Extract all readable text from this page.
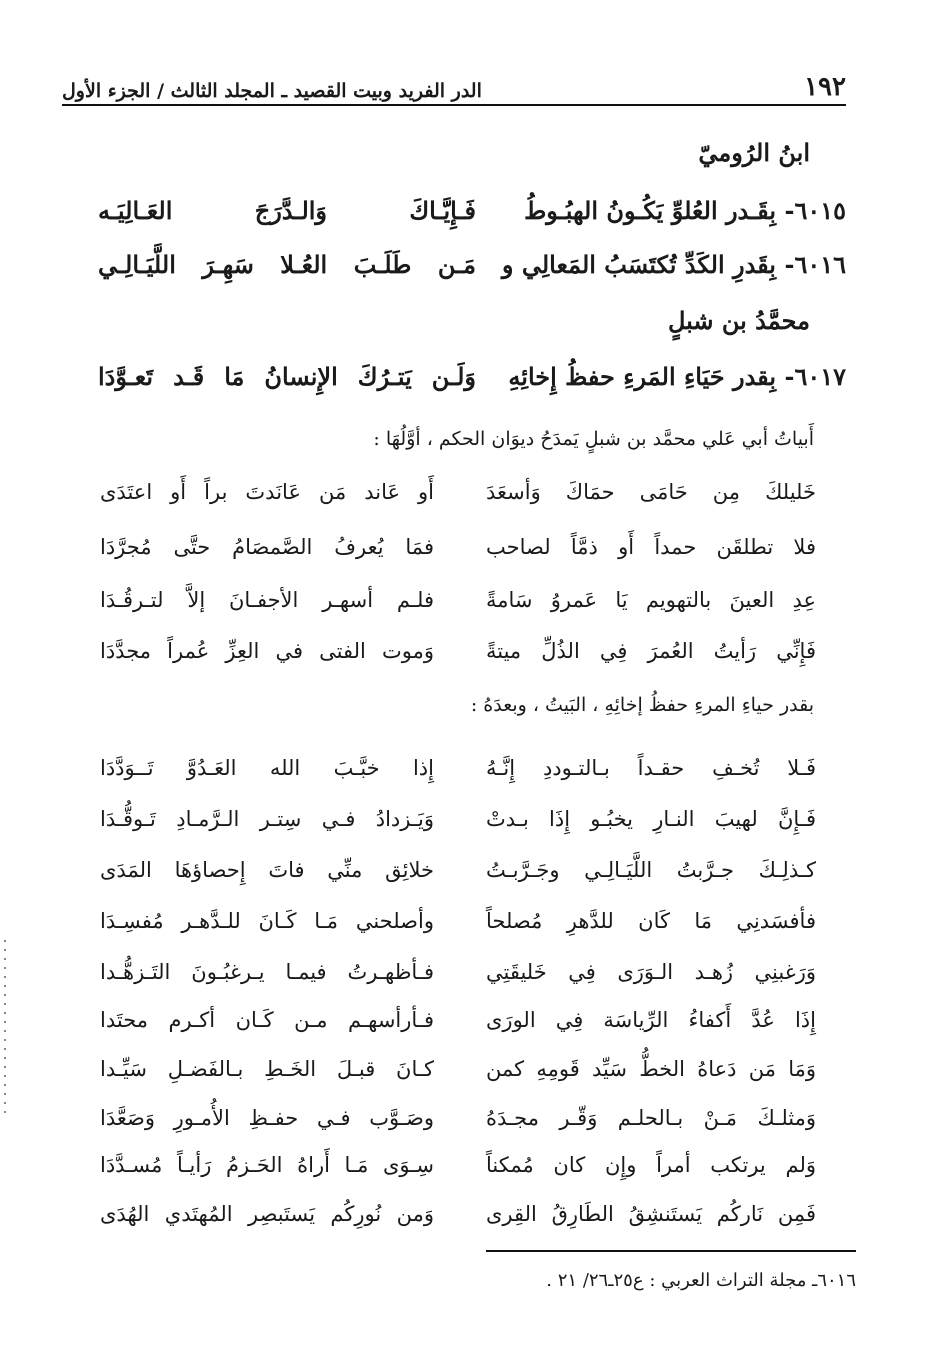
١٩٢
الدر الفريد وبيت القصيد ـ المجلد الثالث / الجزء الأول
ابنُ الرُوميّ
٦٠١٥-
بِقَـدر العُلوِّ يَكُـونُ الهبُـوطُ
فَـإِيَّـاكَ وَالـدَّرَجَ العَـالِيَـه
٦٠١٦-
بِقَدرِ الكَدِّ تُكتَسَبُ المَعالِي و
مَـن طَلَـبَ العُـلا سَهِـرَ اللَّيَـالِـي
محمَّدُ بن شبلٍ
٦٠١٧-
بِقدر حَيَاءِ المَرءِ حفظُ إِخائِهِ
وَلَـن يَتـرُكَ الإِنسانُ مَا قَـد تَعـوَّدَا
أَبياتُ أبي عَلي محمَّد بن شبلٍ يَمدَحُ ديوَان الحكم ، أوَّلُهَا :
خَليلكَ مِن حَامَى حمَاكَ وَأسعَدَ
أَو عَاند مَن عَانَدتَ براً أَو اعتَدَى
فلا تطلقَن حمداً أَو ذمَّاً لصاحب
فمَا يُعرفُ الصَّمصَامُ حتَّى مُجرَّدَا
عِدِ العينَ بالتهويم يَا عَمروُ سَامةً
فلـم أسهـر الأجفـانَ إلاَّ لتـرقُـدَا
فَإِنِّي رَأيتُ العُمرَ فِي الذُلِّ ميتةً
وَموت الفتى في العِزِّ عُمراً مجدَّدَا
بقدر حياءِ المرءِ حفظُ إخائِهِ ، البَيتُ ، وبعدَهُ :
فَـلا تُخـفِ حقـداً بـالتـوددِ إِنَّـهُ
إِذا خبَّـبَ الله العَـدُوَّ تَــوَدَّدَا
فَـإِنَّ لهيبَ النـارِ يخبُـو إِذَا بـدتْ
وَيَـزدادُ فـي سِتـر الـرَّمـادِ تَـوقُّـدَا
كـذلِـكَ جـرَّبتُ اللَّيَـالِـي وجَـرَّبـتُ
خلائِق منِّي فاتَ إِحصاؤهَا المَدَى
فأفسَدنِي مَا كَان للدَّهرِ مُصلحاً
وأصلحني مَـا كَـانَ للـدَّهـر مُفسِـدَا
وَرَغبنِي زُهـد الـوَرَى فِي خَليقَتِي
فـأظهـرتُ فيمـا يـرغبُـونَ التَـزهُّـدا
إِذَا عُدَّ أَكفاءُ الرِّياسَة فِي الورَى
فـأرأسهـم مـن كَـان أكـرم محتَدا
وَمَا مَن دَعاهُ الخطُّ سَيِّد قَومِهِ كمن
كـانَ قبـلَ الخَـطِ بـالفَضـلِ سَيِّـدا
وَمثلـكَ مَـنْ بـالحلـم وَقّـر مجـدَهُ
وصَـوَّب فـي حفـظِ الأُمـورِ وَصَعَّدَا
وَلم يرتكب أمراً وإِن كان مُمكناً
سِـوَى مَـا أَراهُ الحَـزمُ رَأيـاً مُسـدَّدَا
فَمِن نَاركُم يَستَنشِقُ الطَارِقُ القِرى
وَمن نُورِكُم يَستَبصِر المُهتَدي الهُدَى
٦٠١٦ـ مجلة التراث العربي : ع٢٥ـ٢٦/ ٢١ .
